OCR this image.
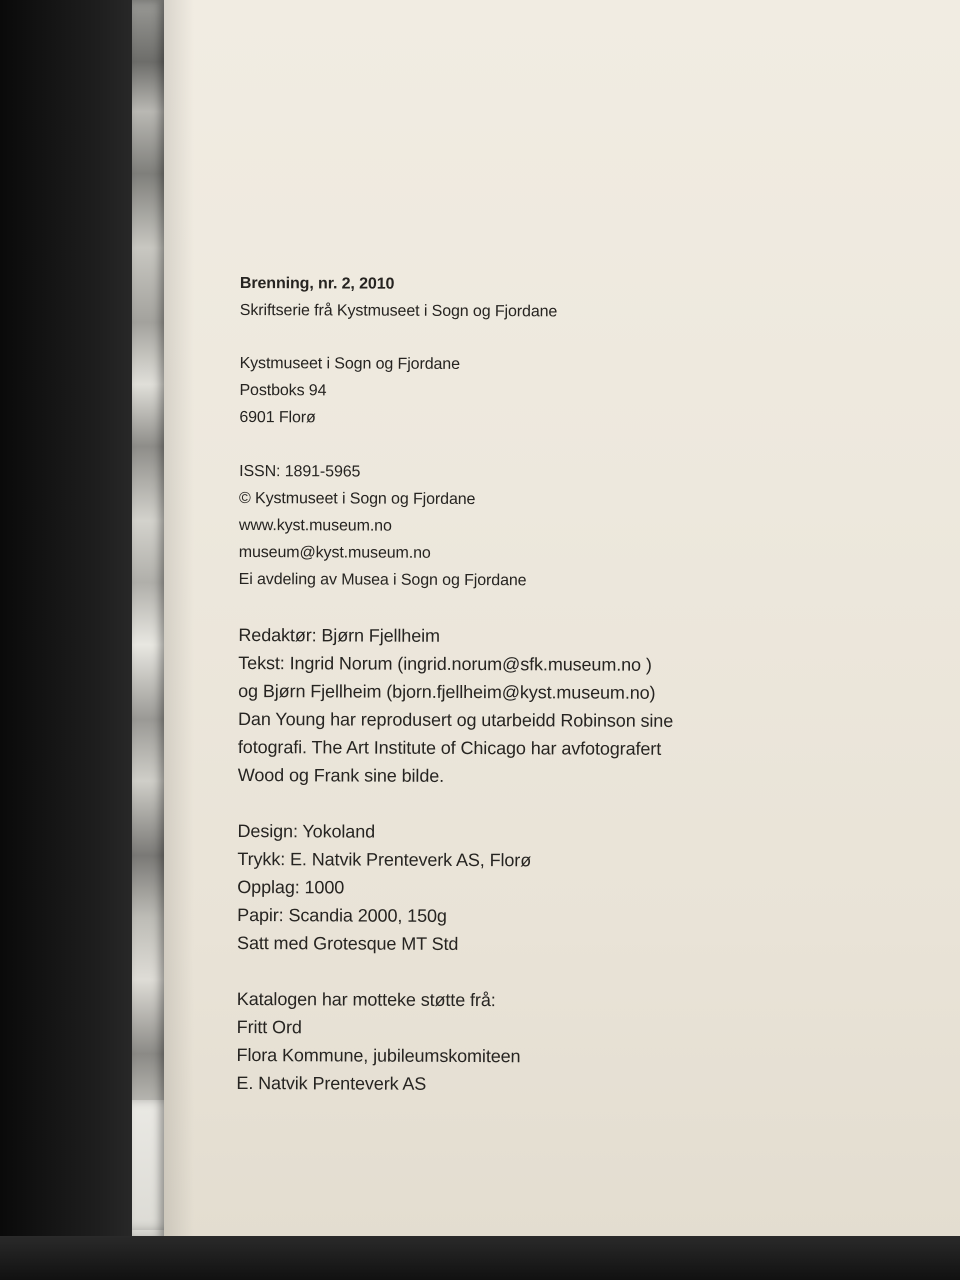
Brenning, nr. 2, 2010
Skriftserie frå Kystmuseet i Sogn og Fjordane
Kystmuseet i Sogn og Fjordane
Postboks 94
6901 Florø
ISSN: 1891-5965
© Kystmuseet i Sogn og Fjordane
www.kyst.museum.no
museum@kyst.museum.no
Ei avdeling av Musea i Sogn og Fjordane
Redaktør: Bjørn Fjellheim
Tekst: Ingrid Norum (ingrid.norum@sfk.museum.no )
og Bjørn Fjellheim (bjorn.fjellheim@kyst.museum.no)
Dan Young har reprodusert og utarbeidd Robinson sine
fotografi. The Art Institute of Chicago har avfotografert
Wood og Frank sine bilde.
Design: Yokoland
Trykk: E. Natvik Prenteverk AS, Florø
Opplag: 1000
Papir: Scandia 2000, 150g
Satt med Grotesque MT Std
Katalogen har motteke støtte frå:
Fritt Ord
Flora Kommune, jubileumskomiteen
E. Natvik Prenteverk AS
